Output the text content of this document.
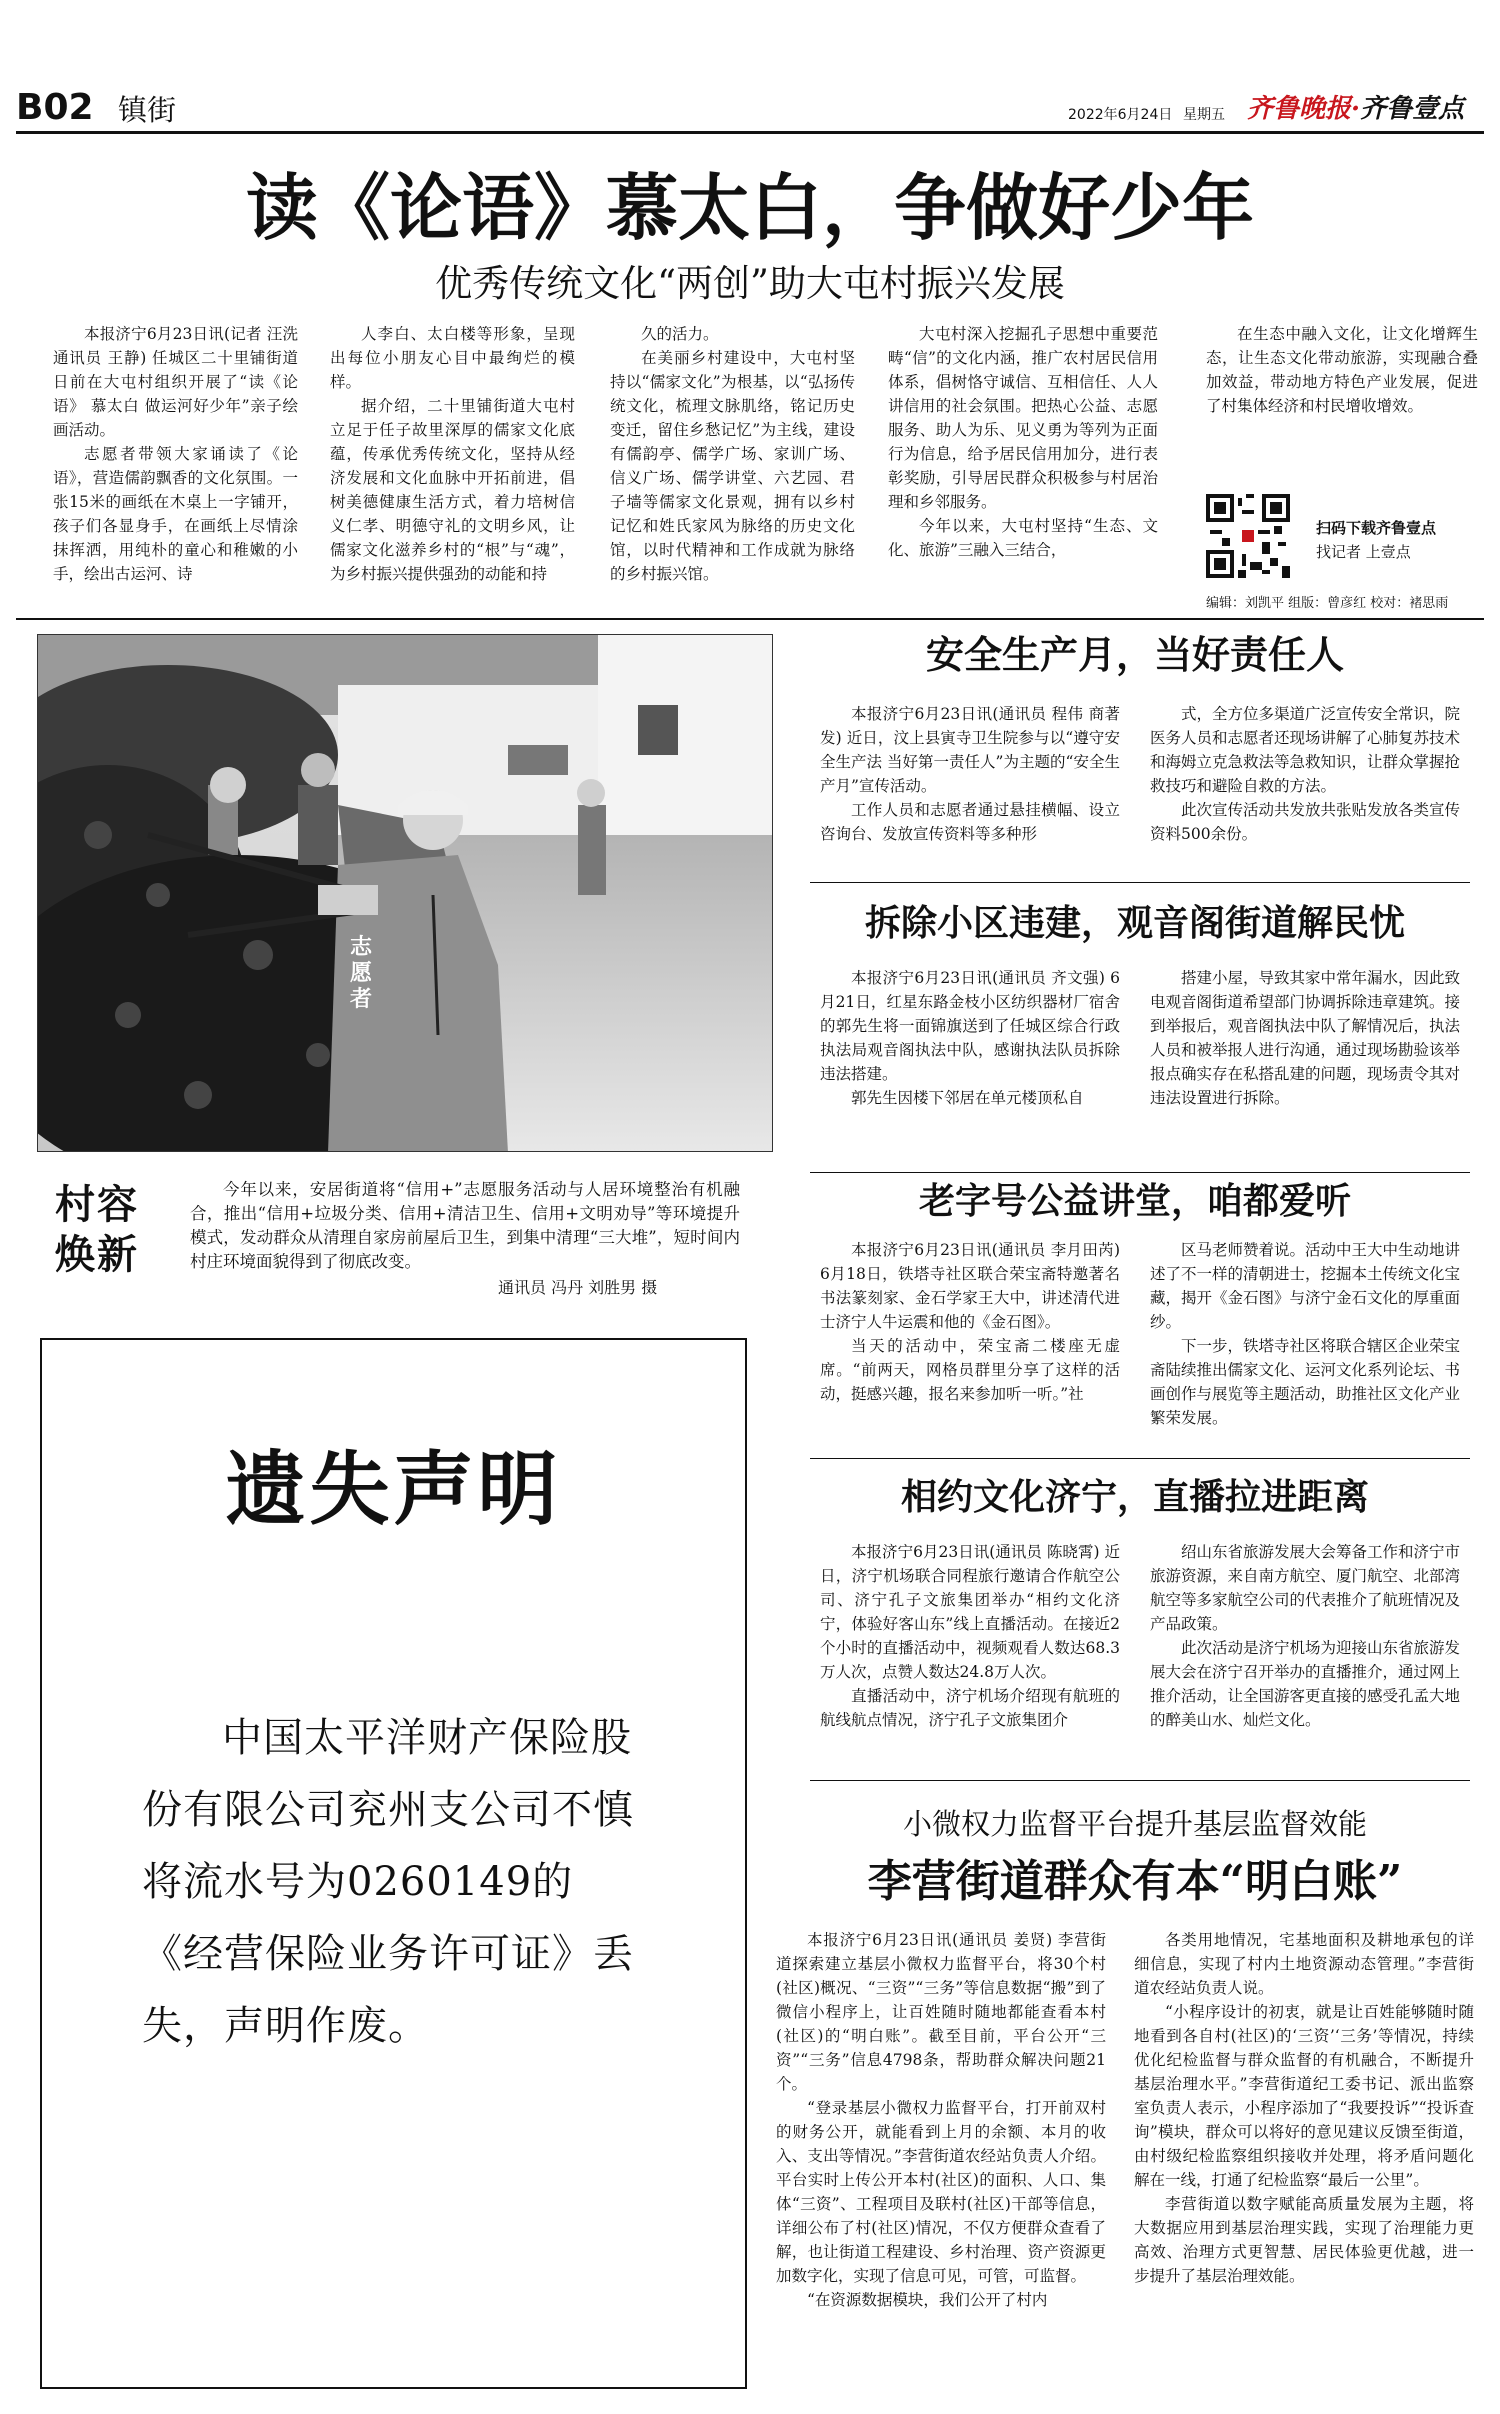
B02 镇街	2022年6月24日 星期五 齐鲁晚报·齐鲁壹点
读《论语》慕太白，争做好少年
优秀传统文化“两创”助大屯村振兴发展

本报济宁6月23日讯(记者 汪洗 通讯员 王静) 任城区二十里铺街道日前在大屯村组织开展了“读《论语》 慕太白 做运河好少年”亲子绘画活动。

志愿者带领大家诵读了《论语》，营造儒韵飘香的文化氛围。一张15米的画纸在木桌上一字铺开，孩子们各显身手，在画纸上尽情涂抹挥洒，用纯朴的童心和稚嫩的小手，绘出古运河、诗

人李白、太白楼等形象，呈现出每位小朋友心目中最绚烂的模样。

据介绍，二十里铺街道大屯村立足于任子故里深厚的儒家文化底蕴，传承优秀传统文化，坚持从经济发展和文化血脉中开拓前进，倡树美德健康生活方式，着力培树信义仁孝、明德守礼的文明乡风，让儒家文化滋养乡村的“根”与“魂”，为乡村振兴提供强劲的动能和持

久的活力。

在美丽乡村建设中，大屯村坚持以“儒家文化”为根基，以“弘扬传统文化，梳理文脉肌络，铭记历史变迁，留住乡愁记忆”为主线，建设有儒韵亭、儒学广场、家训广场、信义广场、儒学讲堂、六艺园、君子墙等儒家文化景观，拥有以乡村记忆和姓氏家风为脉络的历史文化馆，以时代精神和工作成就为脉络的乡村振兴馆。

大屯村深入挖掘孔子思想中重要范畴“信”的文化内涵，推广农村居民信用体系，倡树恪守诚信、互相信任、人人讲信用的社会氛围。把热心公益、志愿服务、助人为乐、见义勇为等列为正面行为信息，给予居民信用加分，进行表彰奖励，引导居民群众积极参与村居治理和乡邻服务。

今年以来，大屯村坚持“生态、文化、旅游”三融入三结合，

在生态中融入文化，让文化增辉生态，让生态文化带动旅游，实现融合叠加效益，带动地方特色产业发展，促进了村集体经济和村民增收增效。

扫码下载齐鲁壹点
找记者 上壹点
编辑：刘凯平 组版：曾彦红 校对：褚思雨
志愿者
村容焕新
今年以来，安居街道将“信用+”志愿服务活动与人居环境整治有机融合，推出“信用+垃圾分类、信用+清洁卫生、信用+文明劝导”等环境提升模式，发动群众从清理自家房前屋后卫生，到集中清理“三大堆”，短时间内村庄环境面貌得到了彻底改变。
通讯员 冯丹 刘胜男 摄
遗失声明
中国太平洋财产保险股份有限公司兖州支公司不慎将流水号为0260149的《经营保险业务许可证》丢失，声明作废。
安全生产月，当好责任人

本报济宁6月23日讯(通讯员 程伟 商著发) 近日，汶上县寅寺卫生院参与以“遵守安全生产法 当好第一责任人”为主题的“安全生产月”宣传活动。

工作人员和志愿者通过悬挂横幅、设立咨询台、发放宣传资料等多种形

式，全方位多渠道广泛宣传安全常识，院医务人员和志愿者还现场讲解了心肺复苏技术和海姆立克急救法等急救知识，让群众掌握抢救技巧和避险自救的方法。

此次宣传活动共发放共张贴发放各类宣传资料500余份。

拆除小区违建，观音阁街道解民忧

本报济宁6月23日讯(通讯员 齐文强) 6月21日，红星东路金枝小区纺织器材厂宿舍的郭先生将一面锦旗送到了任城区综合行政执法局观音阁执法中队，感谢执法队员拆除违法搭建。

郭先生因楼下邻居在单元楼顶私自

搭建小屋，导致其家中常年漏水，因此致电观音阁街道希望部门协调拆除违章建筑。接到举报后，观音阁执法中队了解情况后，执法人员和被举报人进行沟通，通过现场勘验该举报点确实存在私搭乱建的问题，现场责令其对违法设置进行拆除。

老字号公益讲堂，咱都爱听

本报济宁6月23日讯(通讯员 李月田芮) 6月18日，铁塔寺社区联合荣宝斋特邀著名书法篆刻家、金石学家王大中，讲述清代进士济宁人牛运震和他的《金石图》。

当天的活动中，荣宝斋二楼座无虚席。“前两天，网格员群里分享了这样的活动，挺感兴趣，报名来参加听一听。”社

区马老师赞着说。活动中王大中生动地讲述了不一样的清朝进士，挖掘本土传统文化宝藏，揭开《金石图》与济宁金石文化的厚重面纱。

下一步，铁塔寺社区将联合辖区企业荣宝斋陆续推出儒家文化、运河文化系列论坛、书画创作与展览等主题活动，助推社区文化产业繁荣发展。

相约文化济宁，直播拉进距离

本报济宁6月23日讯(通讯员 陈晓霄) 近日，济宁机场联合同程旅行邀请合作航空公司、济宁孔子文旅集团举办“相约文化济宁，体验好客山东”线上直播活动。在接近2个小时的直播活动中，视频观看人数达68.3万人次，点赞人数达24.8万人次。

直播活动中，济宁机场介绍现有航班的航线航点情况，济宁孔子文旅集团介

绍山东省旅游发展大会筹备工作和济宁市旅游资源，来自南方航空、厦门航空、北部湾航空等多家航空公司的代表推介了航班情况及产品政策。

此次活动是济宁机场为迎接山东省旅游发展大会在济宁召开举办的直播推介，通过网上推介活动，让全国游客更直接的感受孔孟大地的醉美山水、灿烂文化。

小微权力监督平台提升基层监督效能
李营街道群众有本“明白账”

本报济宁6月23日讯(通讯员 姜贤) 李营街道探索建立基层小微权力监督平台，将30个村(社区)概况、“三资”“三务”等信息数据“搬”到了微信小程序上，让百姓随时随地都能查看本村(社区)的“明白账”。截至目前，平台公开“三资”“三务”信息4798条，帮助群众解决问题21个。

“登录基层小微权力监督平台，打开前双村的财务公开，就能看到上月的余额、本月的收入、支出等情况。”李营街道农经站负责人介绍。平台实时上传公开本村(社区)的面积、人口、集体“三资”、工程项目及联村(社区)干部等信息，详细公布了村(社区)情况，不仅方便群众查看了解，也让街道工程建设、乡村治理、资产资源更加数字化，实现了信息可见，可管，可监督。

“在资源数据模块，我们公开了村内

各类用地情况，宅基地面积及耕地承包的详细信息，实现了村内土地资源动态管理。”李营街道农经站负责人说。

“小程序设计的初衷，就是让百姓能够随时随地看到各自村(社区)的‘三资’‘三务’等情况，持续优化纪检监督与群众监督的有机融合，不断提升基层治理水平。”李营街道纪工委书记、派出监察室负责人表示，小程序添加了“我要投诉”“投诉查询”模块，群众可以将好的意见建议反馈至街道，由村级纪检监察组织接收并处理，将矛盾问题化解在一线，打通了纪检监察“最后一公里”。

李营街道以数字赋能高质量发展为主题，将大数据应用到基层治理实践，实现了治理能力更高效、治理方式更智慧、居民体验更优越，进一步提升了基层治理效能。
